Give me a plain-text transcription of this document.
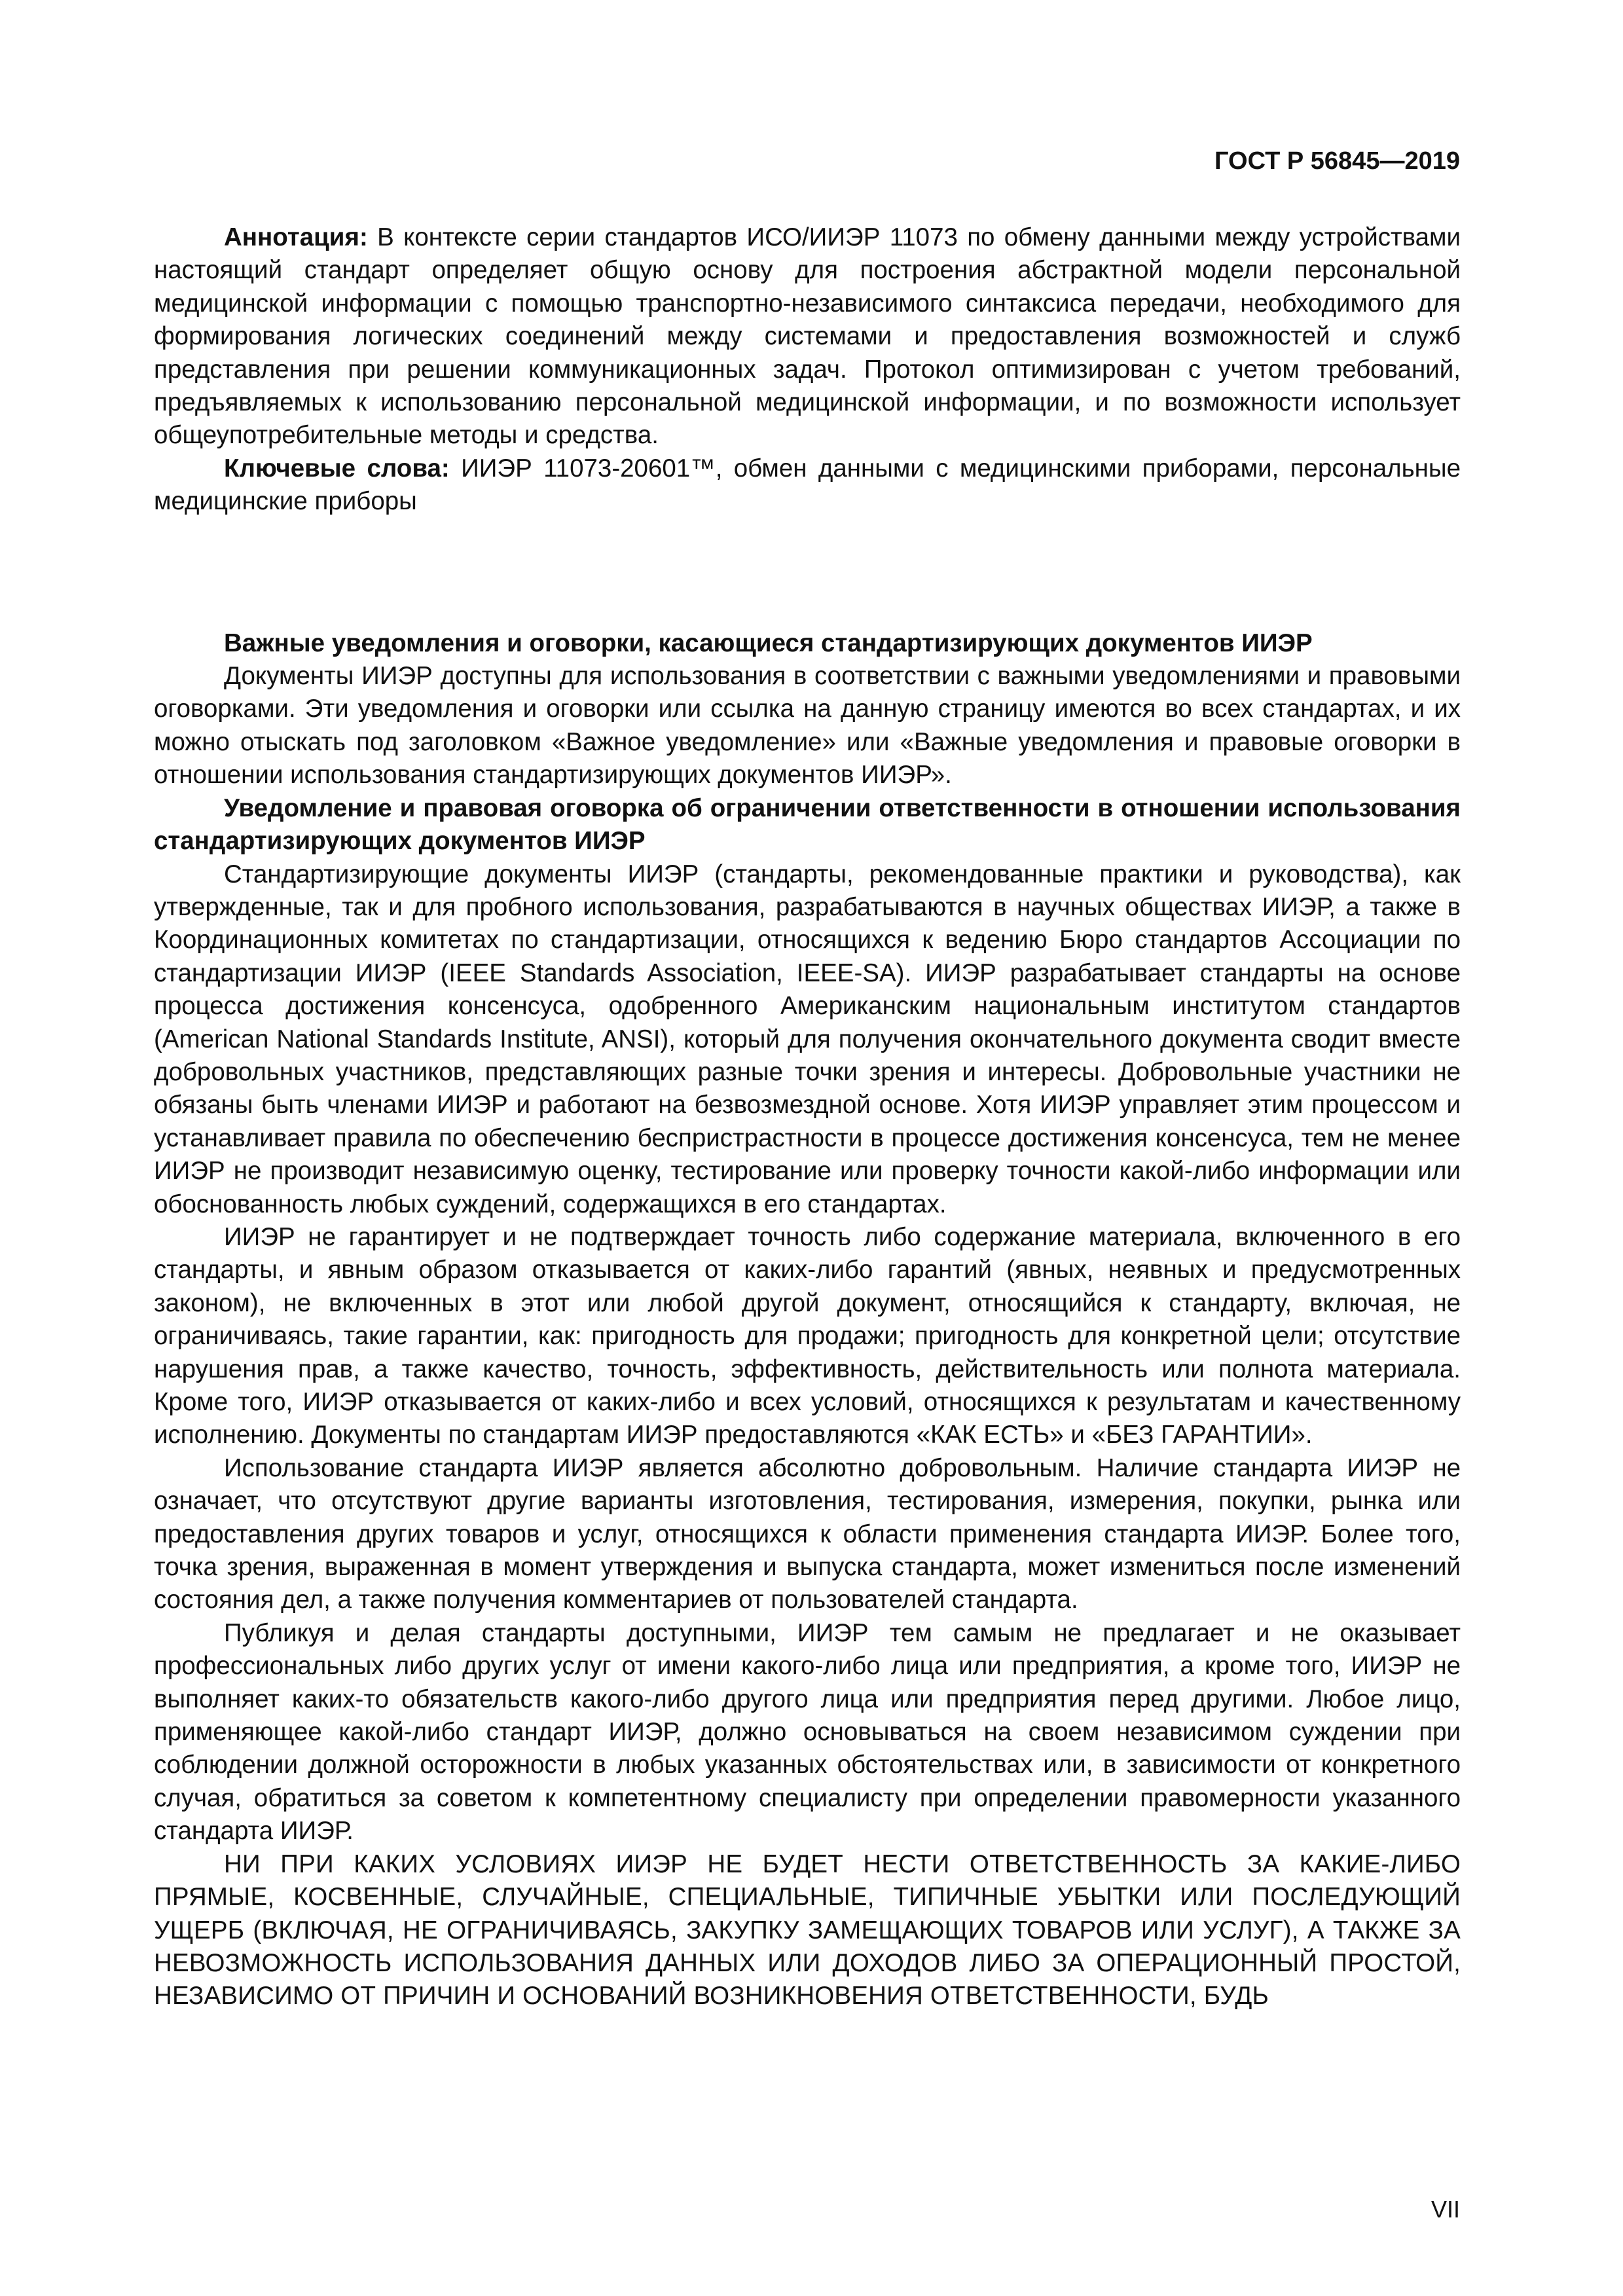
ГОСТ Р 56845—2019

Аннотация: В контексте серии стандартов ИСО/ИИЭР 11073 по обмену данными между устройствами настоящий стандарт определяет общую основу для построения абстрактной модели персональной медицинской информации с помощью транспортно-независимого синтаксиса передачи, необходимого для формирования логических соединений между системами и предоставления возможностей и служб представления при решении коммуникационных задач. Протокол оптимизирован с учетом требований, предъявляемых к использованию персональной медицинской информации, и по возможности использует общеупотребительные методы и средства.

Ключевые слова: ИИЭР 11073-20601™, обмен данными с медицинскими приборами, персональные медицинские приборы

Важные уведомления и оговорки, касающиеся стандартизирующих документов ИИЭР

Документы ИИЭР доступны для использования в соответствии с важными уведомлениями и правовыми оговорками. Эти уведомления и оговорки или ссылка на данную страницу имеются во всех стандартах, и их можно отыскать под заголовком «Важное уведомление» или «Важные уведомления и правовые оговорки в отношении использования стандартизирующих документов ИИЭР».

Уведомление и правовая оговорка об ограничении ответственности в отношении использования стандартизирующих документов ИИЭР

Стандартизирующие документы ИИЭР (стандарты, рекомендованные практики и руководства), как утвержденные, так и для пробного использования, разрабатываются в научных обществах ИИЭР, а также в Координационных комитетах по стандартизации, относящихся к ведению Бюро стандартов Ассоциации по стандартизации ИИЭР (IEEE Standards Association, IEEE-SA). ИИЭР разрабатывает стандарты на основе процесса достижения консенсуса, одобренного Американским национальным институтом стандартов (American National Standards Institute, ANSI), который для получения окончательного документа сводит вместе добровольных участников, представляющих разные точки зрения и интересы. Добровольные участники не обязаны быть членами ИИЭР и работают на безвозмездной основе. Хотя ИИЭР управляет этим процессом и устанавливает правила по обеспечению беспристрастности в процессе достижения консенсуса, тем не менее ИИЭР не производит независимую оценку, тестирование или проверку точности какой-либо информации или обоснованность любых суждений, содержащихся в его стандартах.

ИИЭР не гарантирует и не подтверждает точность либо содержание материала, включенного в его стандарты, и явным образом отказывается от каких-либо гарантий (явных, неявных и предусмотренных законом), не включенных в этот или любой другой документ, относящийся к стандарту, включая, не ограничиваясь, такие гарантии, как: пригодность для продажи; пригодность для конкретной цели; отсутствие нарушения прав, а также качество, точность, эффективность, действительность или полнота материала. Кроме того, ИИЭР отказывается от каких-либо и всех условий, относящихся к результатам и качественному исполнению. Документы по стандартам ИИЭР предоставляются «КАК ЕСТЬ» и «БЕЗ ГАРАНТИИ».

Использование стандарта ИИЭР является абсолютно добровольным. Наличие стандарта ИИЭР не означает, что отсутствуют другие варианты изготовления, тестирования, измерения, покупки, рынка или предоставления других товаров и услуг, относящихся к области применения стандарта ИИЭР. Более того, точка зрения, выраженная в момент утверждения и выпуска стандарта, может измениться после изменений состояния дел, а также получения комментариев от пользователей стандарта.

Публикуя и делая стандарты доступными, ИИЭР тем самым не предлагает и не оказывает профессиональных либо других услуг от имени какого-либо лица или предприятия, а кроме того, ИИЭР не выполняет каких-то обязательств какого-либо другого лица или предприятия перед другими. Любое лицо, применяющее какой-либо стандарт ИИЭР, должно основываться на своем независимом суждении при соблюдении должной осторожности в любых указанных обстоятельствах или, в зависимости от конкретного случая, обратиться за советом к компетентному специалисту при определении правомерности указанного стандарта ИИЭР.

НИ ПРИ КАКИХ УСЛОВИЯХ ИИЭР НЕ БУДЕТ НЕСТИ ОТВЕТСТВЕННОСТЬ ЗА КАКИЕ-ЛИБО ПРЯМЫЕ, КОСВЕННЫЕ, СЛУЧАЙНЫЕ, СПЕЦИАЛЬНЫЕ, ТИПИЧНЫЕ УБЫТКИ ИЛИ ПОСЛЕДУЮЩИЙ УЩЕРБ (ВКЛЮЧАЯ, НЕ ОГРАНИЧИВАЯСЬ, ЗАКУПКУ ЗАМЕЩАЮЩИХ ТОВАРОВ ИЛИ УСЛУГ), А ТАКЖЕ ЗА НЕВОЗМОЖНОСТЬ ИСПОЛЬЗОВАНИЯ ДАННЫХ ИЛИ ДОХОДОВ ЛИБО ЗА ОПЕРАЦИОННЫЙ ПРОСТОЙ, НЕЗАВИСИМО ОТ ПРИЧИН И ОСНОВАНИЙ ВОЗНИКНОВЕНИЯ ОТВЕТСТВЕННОСТИ, БУДЬ

VII
